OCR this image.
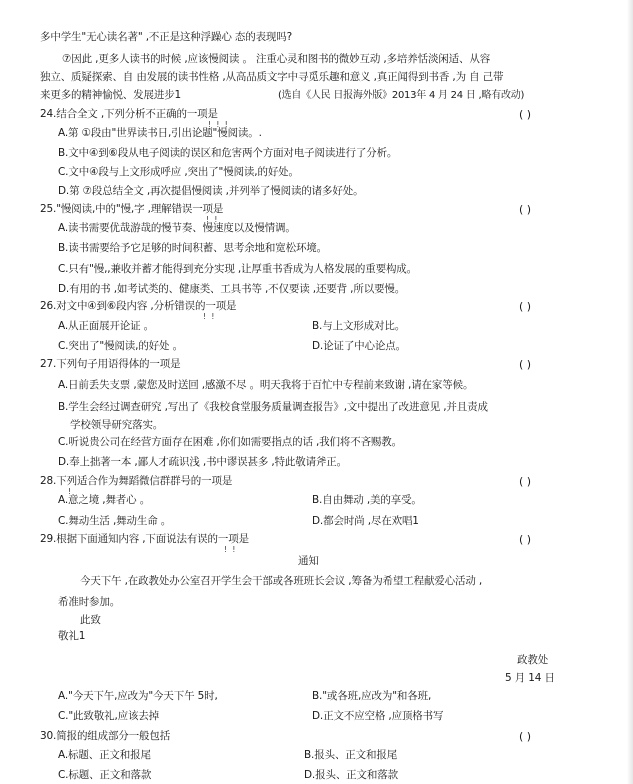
多中学生"无心读名著" ,不正是这种浮躁心 态的表现吗?
⑦因此 ,更多人读书的时候 ,应该慢阅读 。 注重心灵和图书的微妙互动 ,多培养恬淡闲适、从容
独立、质疑探索、自 由发展的读书性格 ,从高品质文字中寻觅乐趣和意义 ,真正闻得到书香 ,为 自 己带
来更多的精神愉悦、发展进步1	(选自《人民 日报海外版》2013年 4 月 24 日 ,略有改动)
24.结合全文 ,下列分析不正确的一项是	( )
!  !  !
A.第 ①段由"世界读书日,引出论题"慢阅读。.
B.文中④到⑥段从电子阅读的误区和危害两个方面对电子阅读进行了分析。
C.文中④段与上文形成呼应 ,突出了"慢阅读,的好处。
D.第 ⑦段总结全文 ,再次提倡慢阅读 ,并列举了慢阅读的诸多好处。
25."慢阅读,中的"慢,字 ,理解错误一项是	( )
!  !
A.读书需要优哉游哉的慢节奏、慢速度以及慢情调。
B.读书需要给予它足够的时间积蓄、思考余地和宽松环境。
C.只有"慢,,兼收并蓄才能得到充分实现 ,让厚重书香成为人格发展的重要构成。
D.有用的书 ,如考试类的、健康类、工具书等 ,不仅要读 ,还要背 ,所以要慢。
26.对文中④到⑥段内容 ,分析错误的一项是	( )
!  !
A.从正面展开论证 。	B.与上文形成对比。
C.突出了"慢阅读,的好处 。	D.论证了中心论点。
27.下列句子用语得体的一项是	( )
A.日前丢失支票 ,蒙您及时送回 ,感激不尽 。明天我将于百忙中专程前来致谢 ,请在家等候。
B.学生会经过调查研究 ,写出了《我校食堂服务质量调查报告》,文中提出了改进意见 ,并且责成
学校领导研究落实。
C.听说贵公司在经营方面存在困难 ,你们如需要指点的话 ,我们将不吝赐教。
D.奉上拙著一本 ,鄙人才疏识浅 ,书中谬误甚多 ,特此敬请斧正。
28.下列适合作为舞蹈微信群群号的一项是	( )
!
A.意之境 ,舞者心 。	B.自由舞动 ,美的享受。
C.舞动生活 ,舞动生命 。	D.都会时尚 ,尽在欢唱1
29.根据下面通知内容 ,下面说法有误的一项是	( )
!  !
通知
今天下午 ,在政教处办公室召开学生会干部或各班班长会议 ,筹备为希望工程献爱心活动 ,
希准时参加。
此致
敬礼1
政教处
5 月 14 日
A."今天下午,应改为"今天下午 5时,	B."或各班,应改为"和各班,
C."此致敬礼,应该去掉	D.正文不应空格 ,应顶格书写
30.简报的组成部分一般包括	( )
A.标题、正文和报尾	B.报头、正文和报尾
C.标题、正文和落款	D.报头、正文和落款
